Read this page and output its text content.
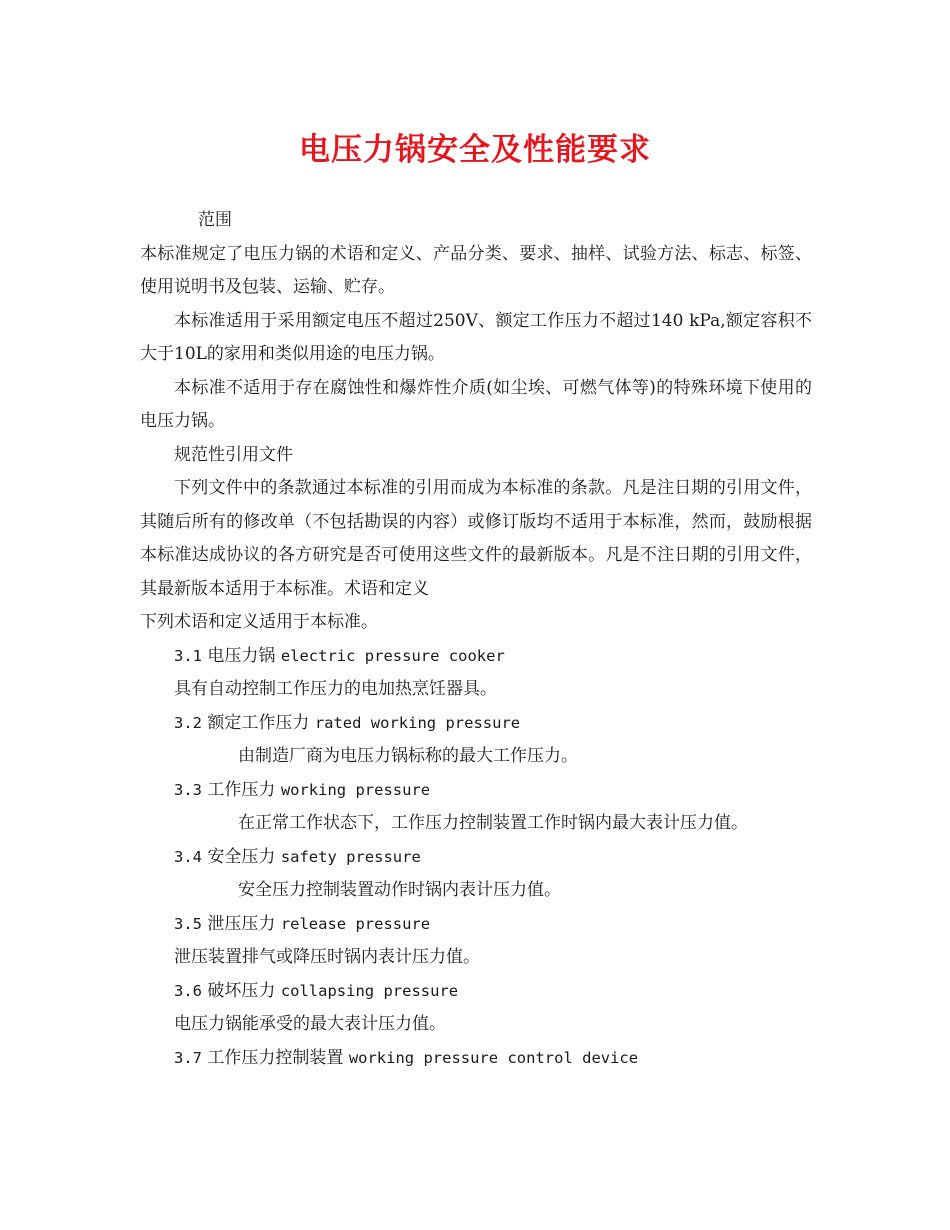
电压力锅安全及性能要求

范围

本标准规定了电压力锅的术语和定义、产品分类、要求、抽样、试验方法、标志、标签、使用说明书及包装、运输、贮存。

本标准适用于采用额定电压不超过250V、额定工作压力不超过140 kPa,额定容积不大于10L的家用和类似用途的电压力锅。

本标准不适用于存在腐蚀性和爆炸性介质(如尘埃、可燃气体等)的特殊环境下使用的电压力锅。

规范性引用文件

下列文件中的条款通过本标准的引用而成为本标准的条款。凡是注日期的引用文件，其随后所有的修改单（不包括勘误的内容）或修订版均不适用于本标准，然而，鼓励根据本标准达成协议的各方研究是否可使用这些文件的最新版本。凡是不注日期的引用文件，其最新版本适用于本标准。术语和定义

下列术语和定义适用于本标准。

3.1 电压力锅 electric pressure cooker

具有自动控制工作压力的电加热烹饪器具。

3.2 额定工作压力 rated working pressure

由制造厂商为电压力锅标称的最大工作压力。

3.3 工作压力 working pressure

在正常工作状态下，工作压力控制装置工作时锅内最大表计压力值。

3.4 安全压力 safety pressure

安全压力控制装置动作时锅内表计压力值。

3.5 泄压压力 release pressure

泄压装置排气或降压时锅内表计压力值。

3.6 破坏压力 collapsing pressure

电压力锅能承受的最大表计压力值。

3.7 工作压力控制装置 working pressure control device
